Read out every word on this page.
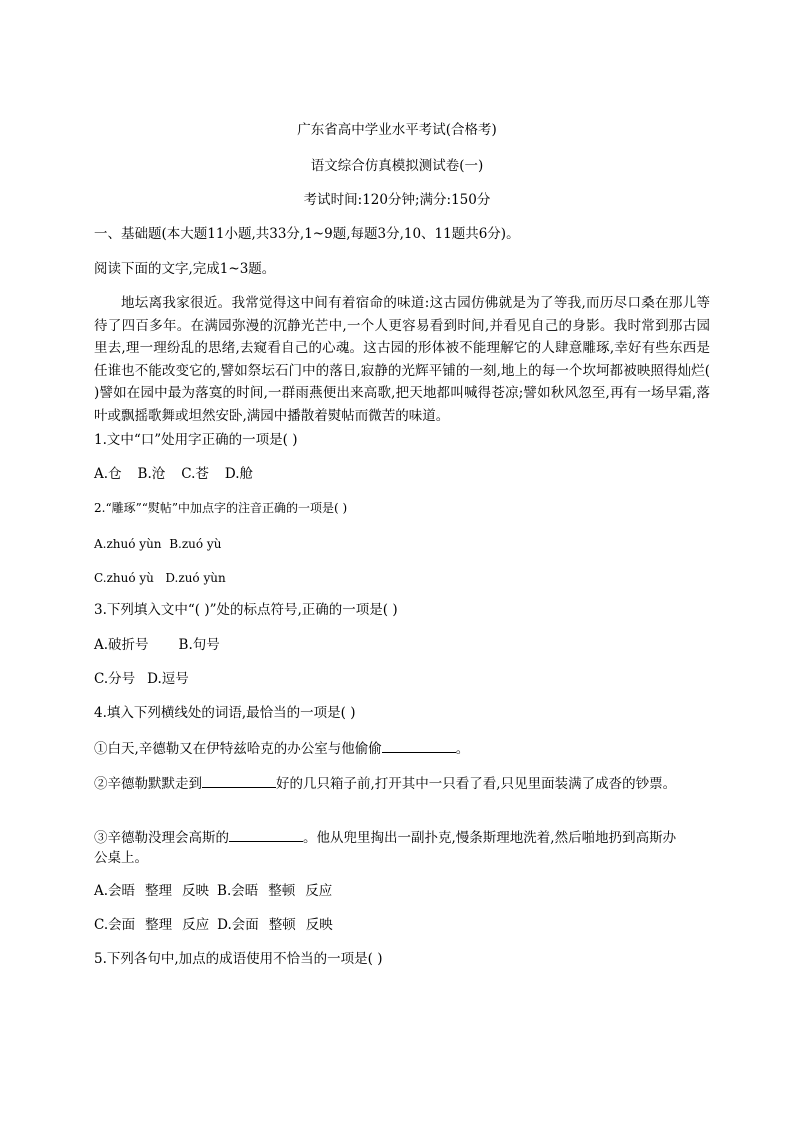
广东省高中学业水平考试(合格考)
语文综合仿真模拟测试卷(一)
考试时间:120分钟;满分:150分
一、基础题(本大题11小题,共33分,1~9题,每题3分,10、11题共6分)。
阅读下面的文字,完成1~3题。
地坛离我家很近。我常觉得这中间有着宿命的味道:这古园仿佛就是为了等我,而历尽口桑在那儿等待了四百多年。在满园弥漫的沉静光芒中,一个人更容易看到时间,并看见自己的身影。我时常到那古园里去,理一理纷乱的思绪,去窥看自己的心魂。这古园的形体被不能理解它的人肆意雕琢,幸好有些东西是任谁也不能改变它的,譬如祭坛石门中的落日,寂静的光辉平铺的一刻,地上的每一个坎坷都被映照得灿烂( )譬如在园中最为落寞的时间,一群雨燕便出来高歌,把天地都叫喊得苍凉;譬如秋风忽至,再有一场早霜,落叶或飘摇歌舞或坦然安卧,满园中播散着熨帖而微苦的味道。
1.文中“口”处用字正确的一项是( )
A.仓 B.沧 C.苍 D.舱
2.“雕琢”“熨帖”中加点字的注音正确的一项是( )
A.zhuó yùn B.zuó yù
C.zhuó yù D.zuó yùn
3.下列填入文中“( )”处的标点符号,正确的一项是( )
A.破折号 B.句号
C.分号 D.逗号
4.填入下列横线处的词语,最恰当的一项是( )
①白天,辛德勒又在伊特兹哈克的办公室与他偷偷	。
②辛德勒默默走到	好的几只箱子前,打开其中一只看了看,只见里面装满了成沓的钞票。
③辛德勒没理会高斯的	。他从兜里掏出一副扑克,慢条斯理地洗着,然后啪地扔到高斯办
公桌上。
A.会晤 整理 反映 B.会晤 整顿 反应
C.会面 整理 反应 D.会面 整顿 反映
5.下列各句中,加点的成语使用不恰当的一项是( )
